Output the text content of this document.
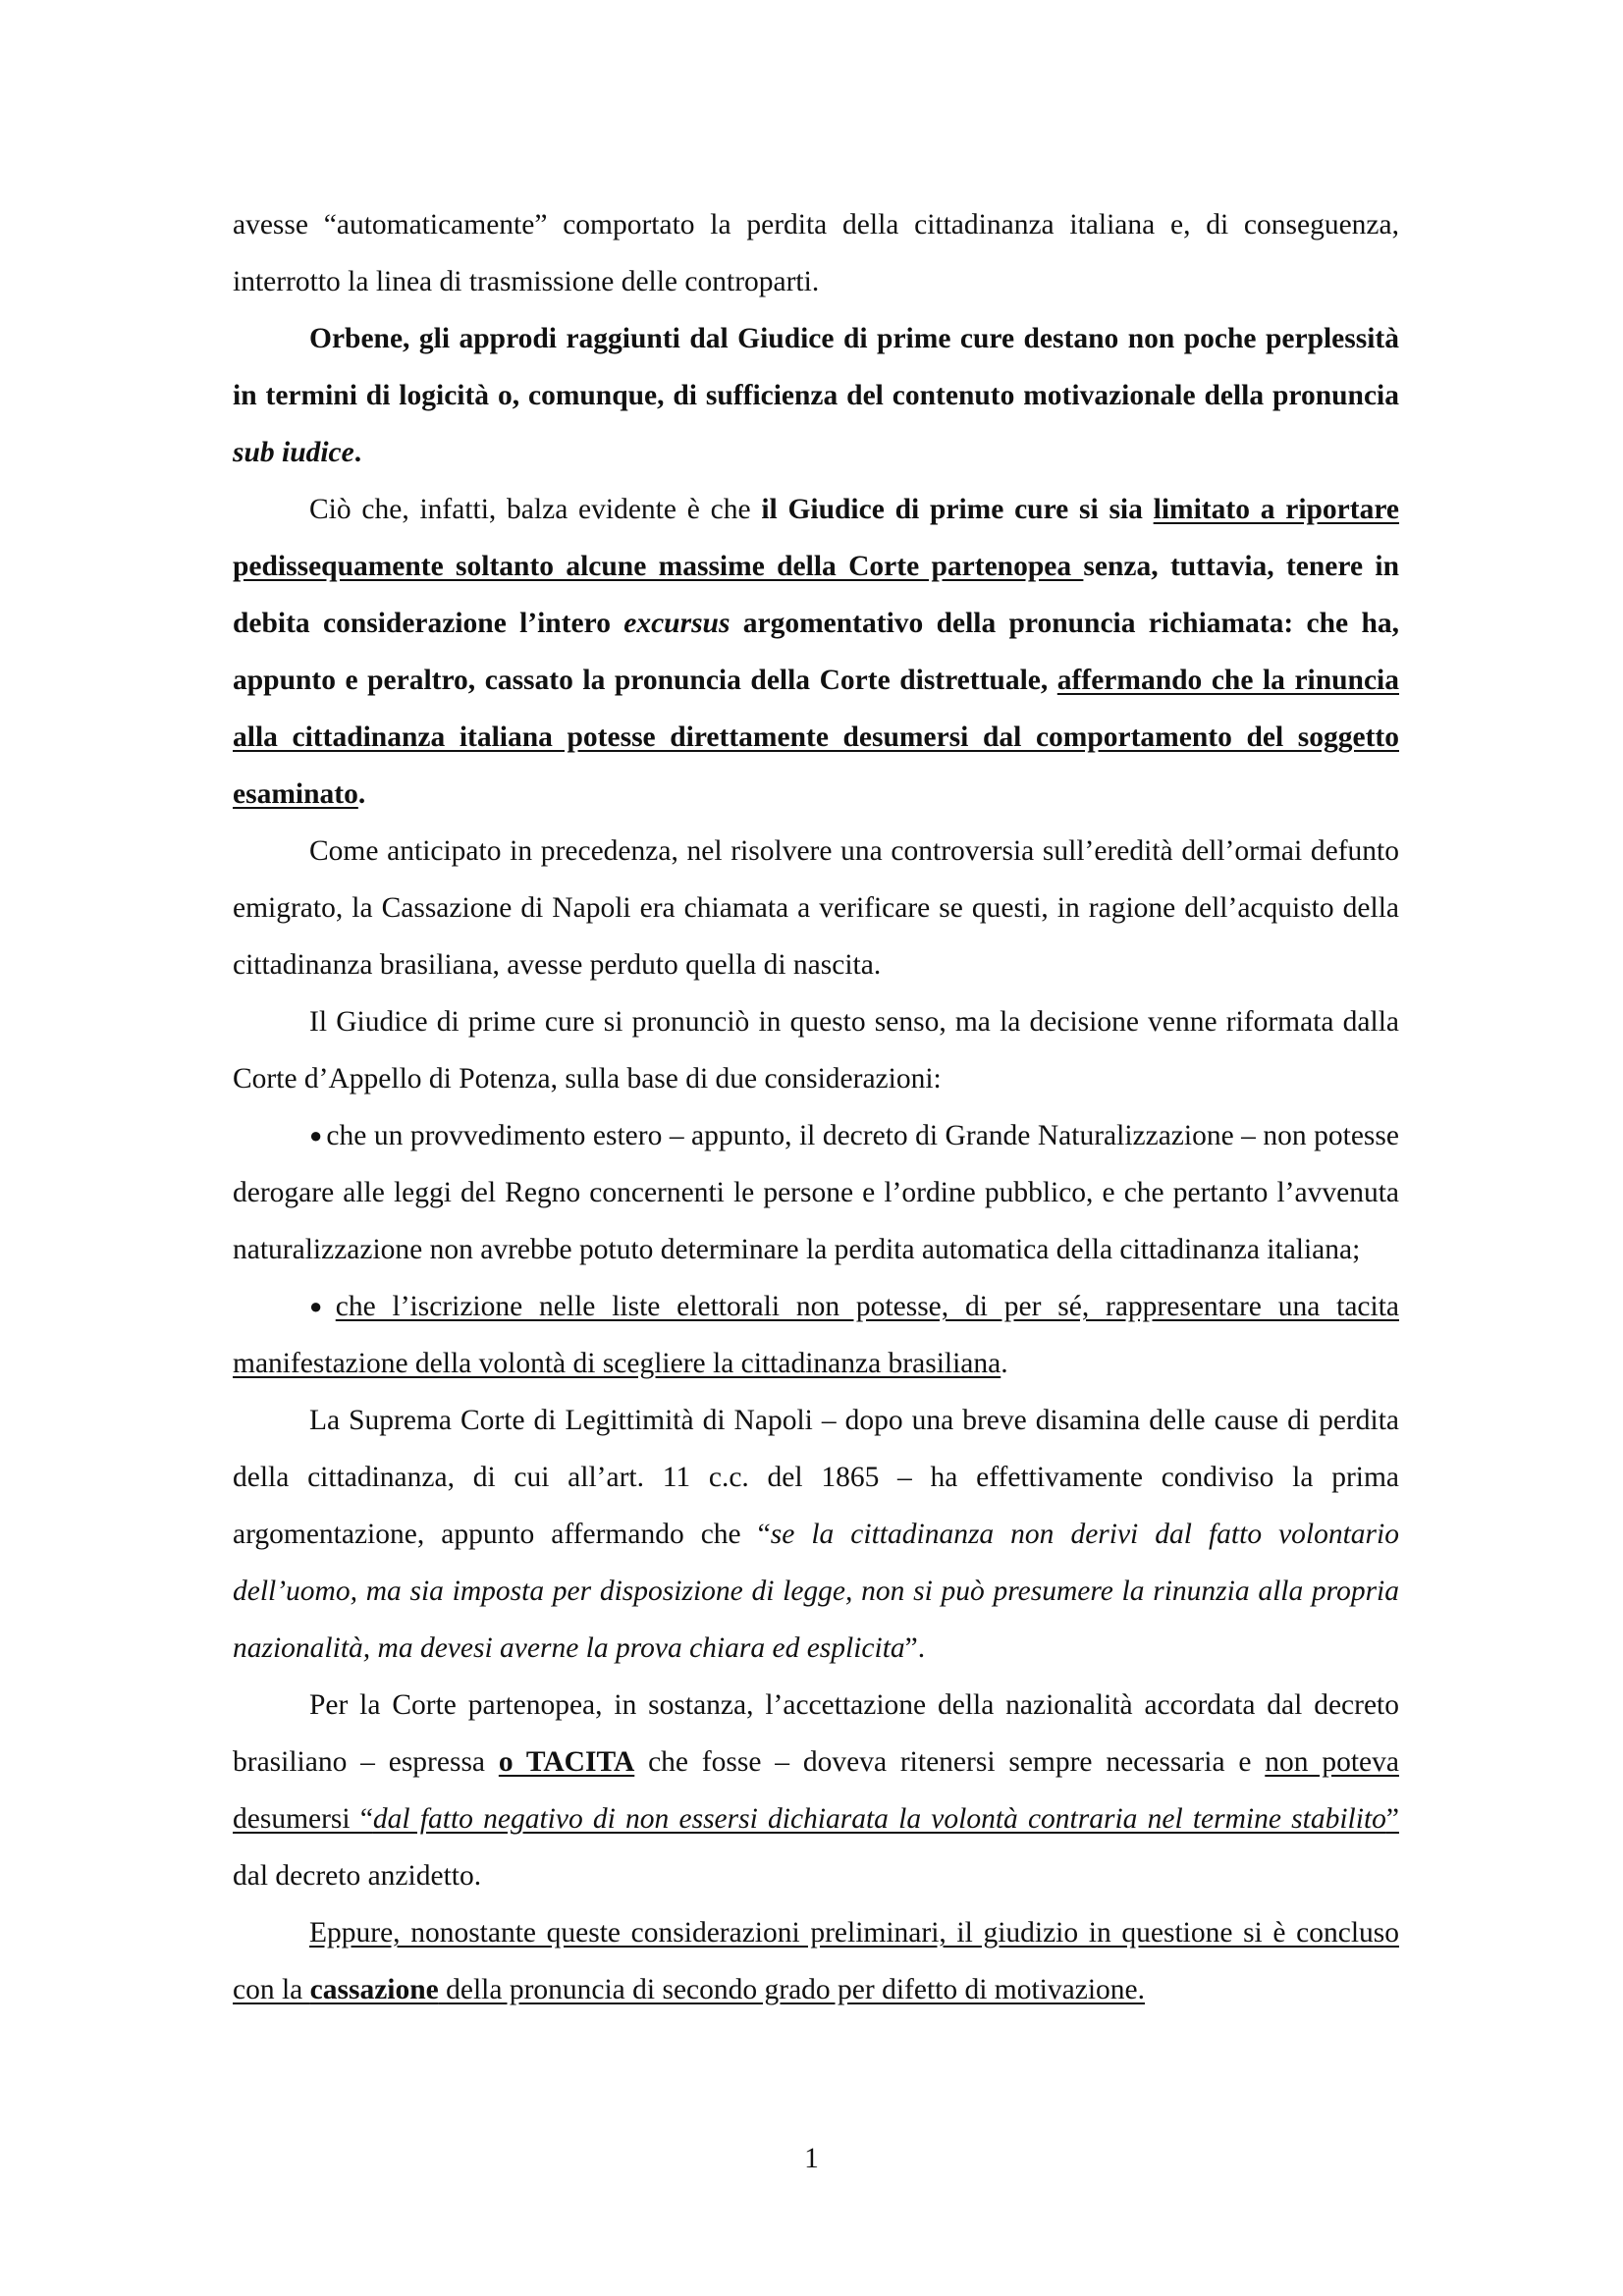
avesse “automaticamente” comportato la perdita della cittadinanza italiana e, di conseguenza, interrotto la linea di trasmissione delle controparti.

Orbene, gli approdi raggiunti dal Giudice di prime cure destano non poche perplessità in termini di logicità o, comunque, di sufficienza del contenuto motivazionale della pronuncia sub iudice.

Ciò che, infatti, balza evidente è che il Giudice di prime cure si sia limitato a riportare pedissequamente soltanto alcune massime della Corte partenopea senza, tuttavia, tenere in debita considerazione l’intero excursus argomentativo della pronuncia richiamata: che ha, appunto e peraltro, cassato la pronuncia della Corte distrettuale, affermando che la rinuncia alla cittadinanza italiana potesse direttamente desumersi dal comportamento del soggetto esaminato.

Come anticipato in precedenza, nel risolvere una controversia sull’eredità dell’ormai defunto emigrato, la Cassazione di Napoli era chiamata a verificare se questi, in ragione dell’acquisto della cittadinanza brasiliana, avesse perduto quella di nascita.

Il Giudice di prime cure si pronunciò in questo senso, ma la decisione venne riformata dalla Corte d’Appello di Potenza, sulla base di due considerazioni:

● che un provvedimento estero – appunto, il decreto di Grande Naturalizzazione – non potesse derogare alle leggi del Regno concernenti le persone e l’ordine pubblico, e che pertanto l’avvenuta naturalizzazione non avrebbe potuto determinare la perdita automatica della cittadinanza italiana;

● che l’iscrizione nelle liste elettorali non potesse, di per sé, rappresentare una tacita manifestazione della volontà di scegliere la cittadinanza brasiliana.

La Suprema Corte di Legittimità di Napoli – dopo una breve disamina delle cause di perdita della cittadinanza, di cui all’art. 11 c.c. del 1865 – ha effettivamente condiviso la prima argomentazione, appunto affermando che “se la cittadinanza non derivi dal fatto volontario dell’uomo, ma sia imposta per disposizione di legge, non si può presumere la rinunzia alla propria nazionalità, ma devesi averne la prova chiara ed esplicita”.

Per la Corte partenopea, in sostanza, l’accettazione della nazionalità accordata dal decreto brasiliano – espressa o TACITA che fosse – doveva ritenersi sempre necessaria e non poteva desumersi “dal fatto negativo di non essersi dichiarata la volontà contraria nel termine stabilito” dal decreto anzidetto.

Eppure, nonostante queste considerazioni preliminari, il giudizio in questione si è concluso con la cassazione della pronuncia di secondo grado per difetto di motivazione.

1
